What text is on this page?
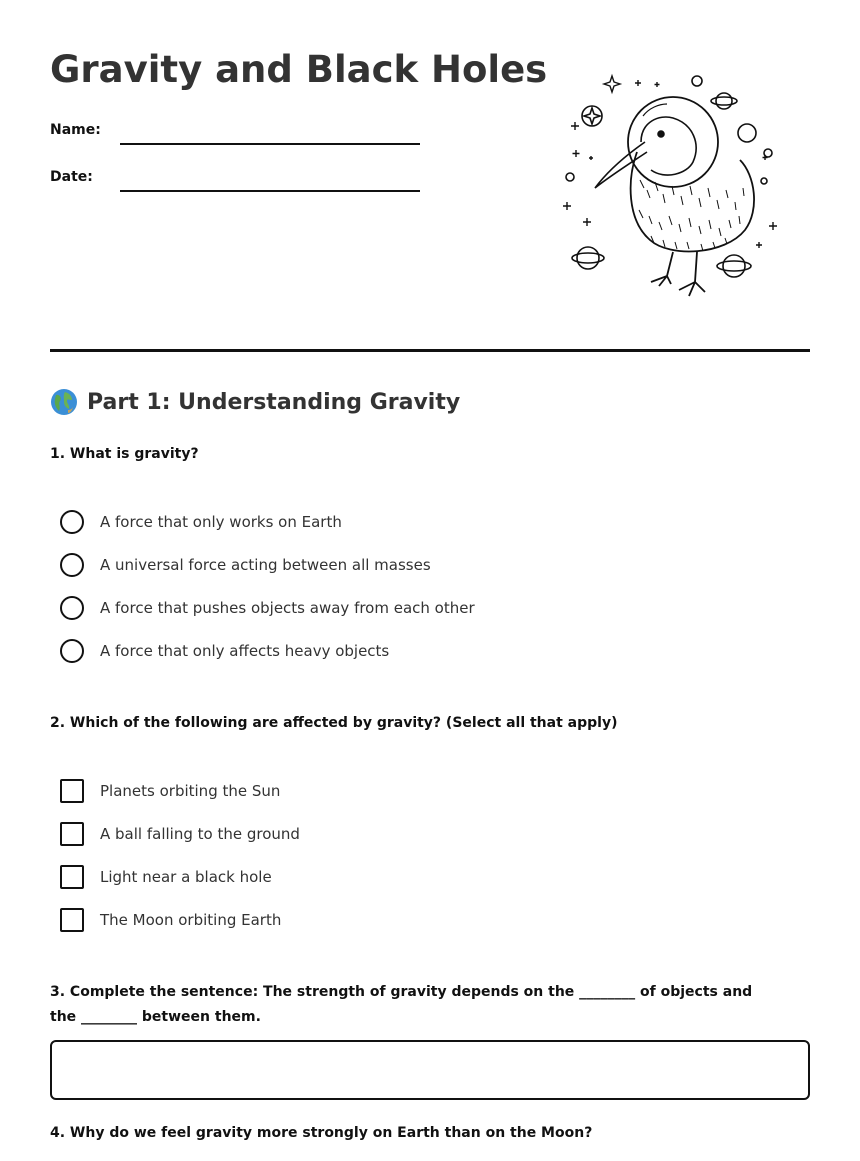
Gravity and Black Holes
Name:
Date:
Part 1: Understanding Gravity
1. What is gravity?
A force that only works on Earth
A universal force acting between all masses
A force that pushes objects away from each other
A force that only affects heavy objects
2. Which of the following are affected by gravity? (Select all that apply)
Planets orbiting the Sun
A ball falling to the ground
Light near a black hole
The Moon orbiting Earth
3. Complete the sentence: The strength of gravity depends on the ________ of objects and the ________ between them.
4. Why do we feel gravity more strongly on Earth than on the Moon?
